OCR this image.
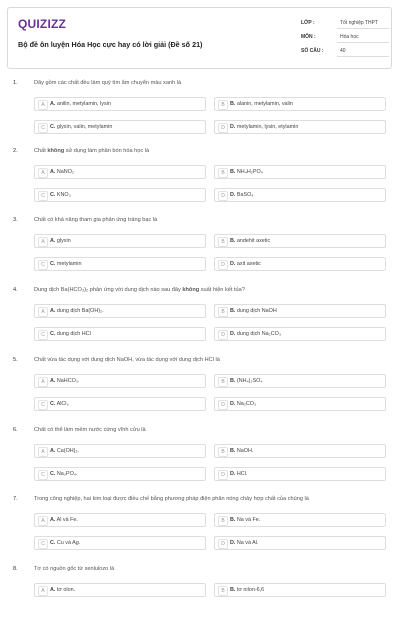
QUIZIZZ
Bộ đề ôn luyện Hóa Học cực hay có lời giải (Đề số 21)
LỚP :	Tốt nghiệp THPT
MÔN :	Hóa học
SỐ CÂU :	40
1.	Dãy gồm các chất đều làm quỳ tím ẩm chuyển màu xanh là
A A. anilin, metylamin, lysin	B B. alanin, metylamin, valin
C C. glyxin, valin, metylamin	D D. metylamin, lysin, etylamin
2.	Chất không sử dụng làm phân bón hóa học là
A A. NaNO₂	B B. NH₄H₂PO₄
C C. KNO₃	D D. BaSO₄
3.	Chất có khả năng tham gia phản ứng tráng bạc là
A A. glyxin	B B. andehit axetic
C C. metylamin	D D. axit axetic
4.	Dung dịch Ba(HCO₃)₂ phản ứng với dung dịch nào sau đây không xuất hiện kết tủa?
A A. dung dịch Ba(OH)₂.	B B. dung dịch NaOH
C C. dung dịch HCl	D D. dung dịch Na₂CO₃
5.	Chất vừa tác dụng với dung dịch NaOH, vừa tác dụng với dung dịch HCl là
A A. NaHCO₃.	B B. (NH₄)₂SO₄
C C. AlCl₃	D D. Na₂CO₃
6.	Chất có thể làm mềm nước cứng vĩnh cửu là
A A. Ca(OH)₂.	B B. NaOH.
C C. Na₃PO₄.	D D. HCl.
7.	Trong công nghiệp, hai kim loại được điều chế bằng phương pháp điện phân nóng chảy hợp chất của chúng là
A A. Al và Fe.	B B. Na và Fe.
C C. Cu và Ag.	D D. Na và Al.
8.	Tơ có nguồn gốc từ xenlulozo là
A A. tơ olon.	B B. tơ nilon-6,6
